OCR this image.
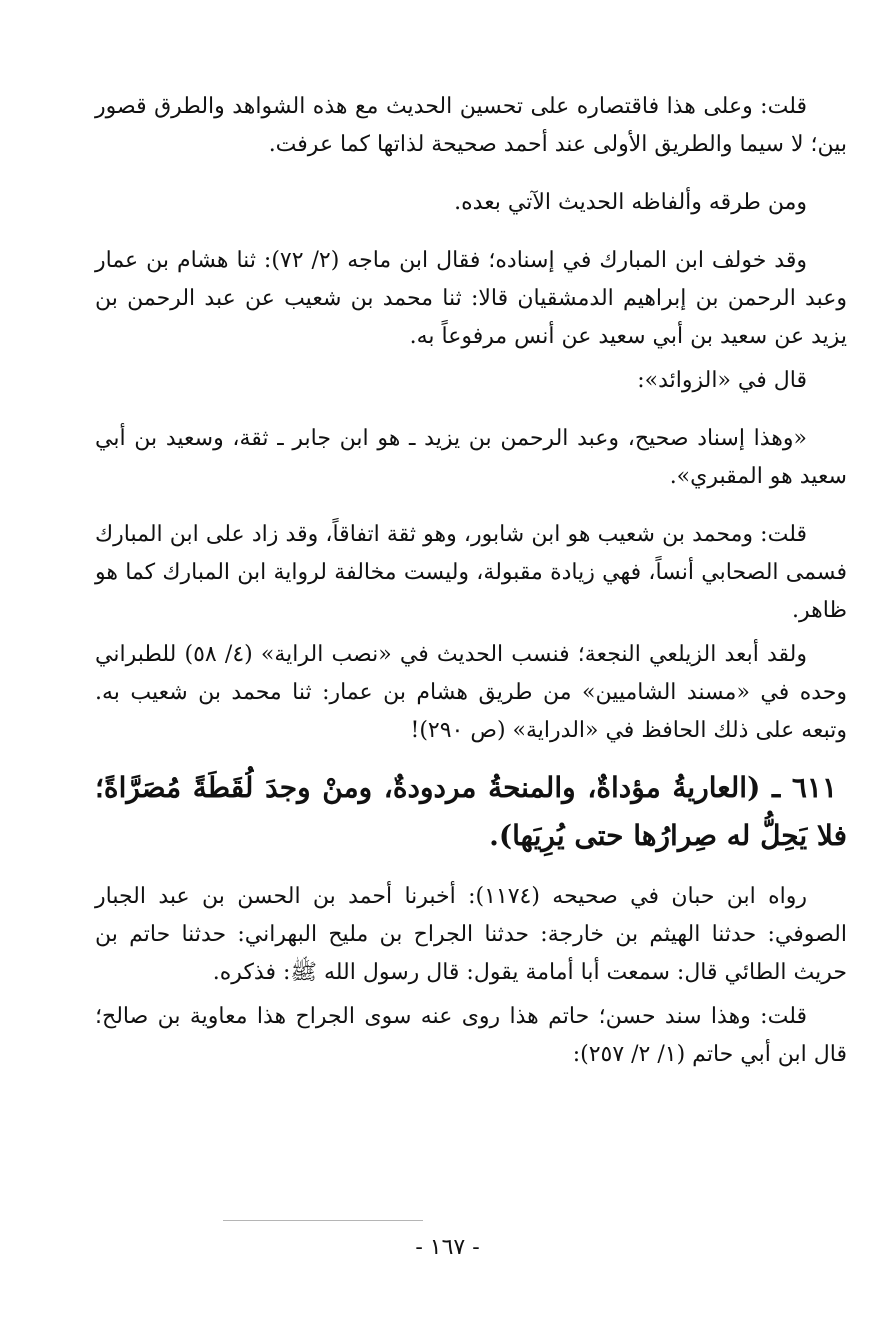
قلت: وعلى هذا فاقتصاره على تحسين الحديث مع هذه الشواهد والطرق قصور بين؛ لا سيما والطريق الأولى عند أحمد صحيحة لذاتها كما عرفت.

ومن طرقه وألفاظه الحديث الآتي بعده.

وقد خولف ابن المبارك في إسناده؛ فقال ابن ماجه (٢/ ٧٢): ثنا هشام بن عمار وعبد الرحمن بن إبراهيم الدمشقيان قالا: ثنا محمد بن شعيب عن عبد الرحمن بن يزيد عن سعيد بن أبي سعيد عن أنس مرفوعاً به.

قال في «الزوائد»:

«وهذا إسناد صحيح، وعبد الرحمن بن يزيد ـ هو ابن جابر ـ ثقة، وسعيد بن أبي سعيد هو المقبري».

قلت: ومحمد بن شعيب هو ابن شابور، وهو ثقة اتفاقاً، وقد زاد على ابن المبارك فسمى الصحابي أنساً، فهي زيادة مقبولة، وليست مخالفة لرواية ابن المبارك كما هو ظاهر.

ولقد أبعد الزيلعي النجعة؛ فنسب الحديث في «نصب الراية» (٤/ ٥٨) للطبراني وحده في «مسند الشاميين» من طريق هشام بن عمار: ثنا محمد بن شعيب به. وتبعه على ذلك الحافظ في «الدراية» (ص ٢٩٠)!

٦١١ ـ (العاريةُ مؤداةٌ، والمنحةُ مردودةٌ، ومنْ وجدَ لُقَطَةً مُصَرَّاةً؛ فلا يَحِلُّ له صِرارُها حتى يُرِيَها).

رواه ابن حبان في صحيحه (١١٧٤): أخبرنا أحمد بن الحسن بن عبد الجبار الصوفي: حدثنا الهيثم بن خارجة: حدثنا الجراح بن مليح البهراني: حدثنا حاتم بن حريث الطائي قال: سمعت أبا أمامة يقول: قال رسول الله ﷺ: فذكره.

قلت: وهذا سند حسن؛ حاتم هذا روى عنه سوى الجراح هذا معاوية بن صالح؛ قال ابن أبي حاتم (١/ ٢/ ٢٥٧):

- ١٦٧ -
